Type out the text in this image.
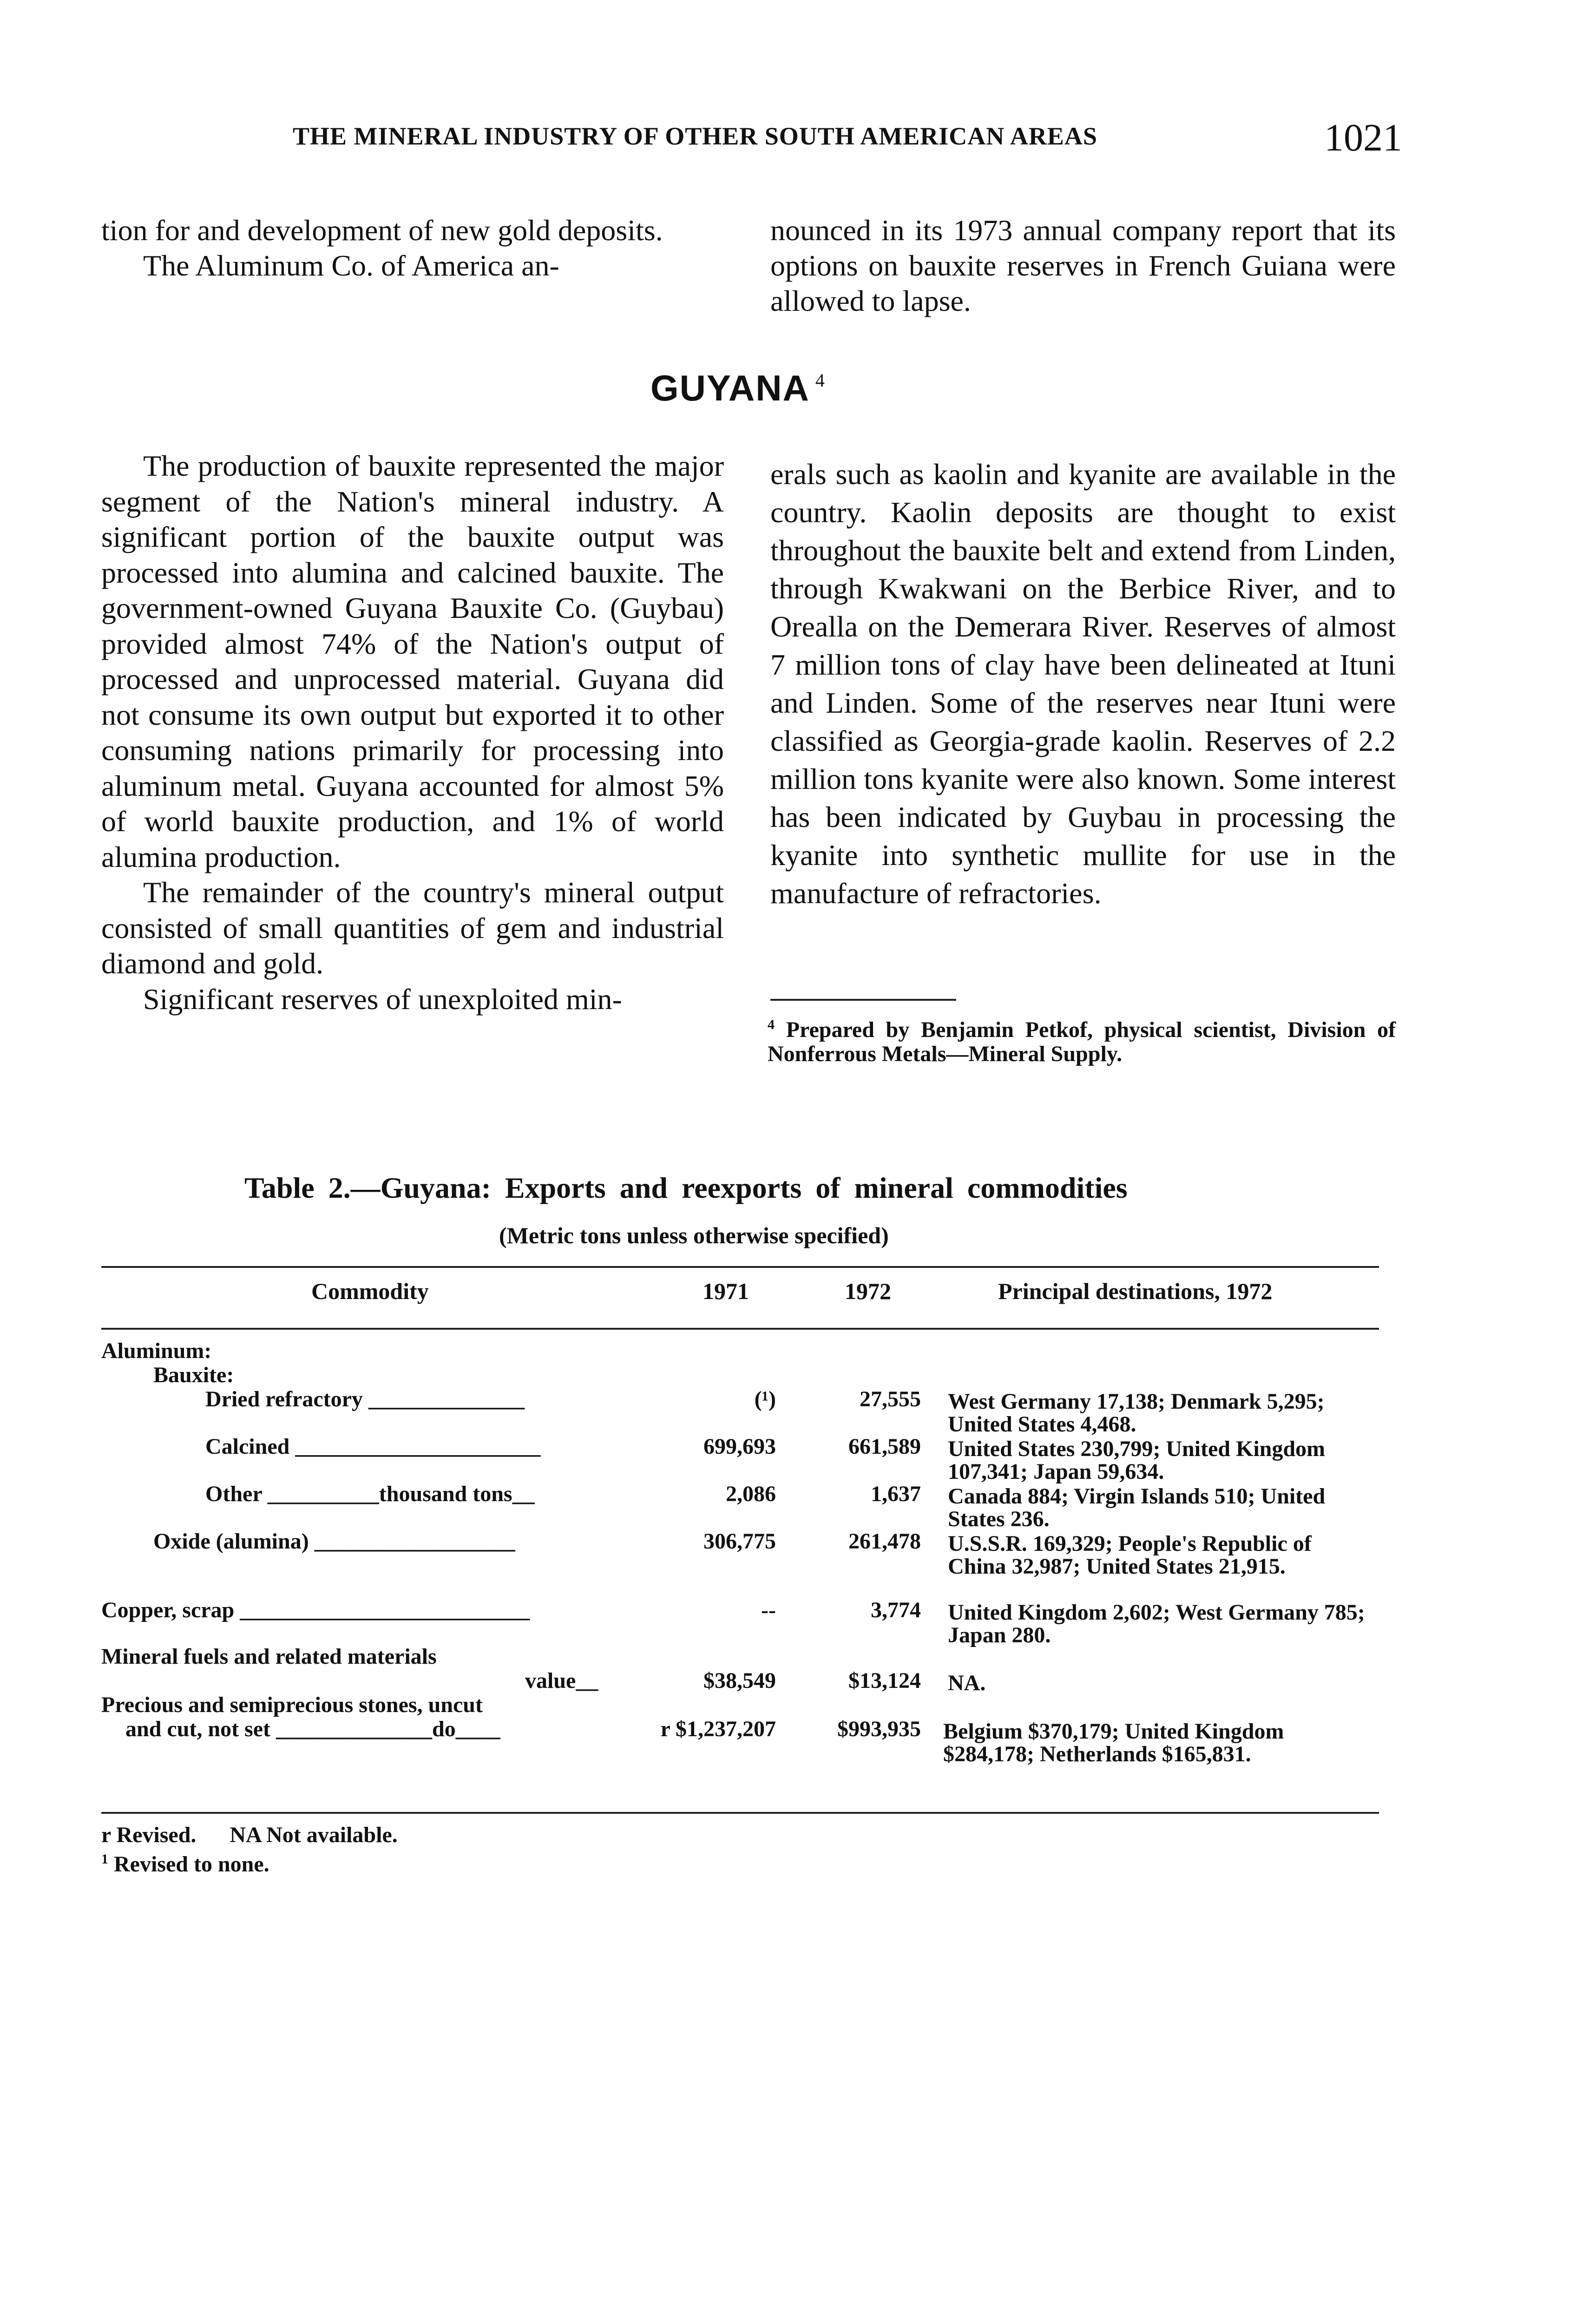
THE MINERAL INDUSTRY OF OTHER SOUTH AMERICAN AREAS	1021

tion for and development of new gold deposits.

The Aluminum Co. of America an-

nounced in its 1973 annual company report that its options on bauxite reserves in French Guiana were allowed to lapse.

GUYANA $^4$

The production of bauxite represented the major segment of the Nation's mineral industry. A significant portion of the bauxite output was processed into alumina and calcined bauxite. The government-owned Guyana Bauxite Co. (Guybau) provided almost 74% of the Nation's output of processed and unprocessed material. Guyana did not consume its own output but exported it to other consuming nations primarily for processing into aluminum metal. Guyana accounted for almost 5% of world bauxite production, and 1% of world alumina production.

The remainder of the country's mineral output consisted of small quantities of gem and industrial diamond and gold.

Significant reserves of unexploited min-

erals such as kaolin and kyanite are available in the country. Kaolin deposits are thought to exist throughout the bauxite belt and extend from Linden, through Kwakwani on the Berbice River, and to Orealla on the Demerara River. Reserves of almost 7 million tons of clay have been delineated at Ituni and Linden. Some of the reserves near Ituni were classified as Georgia-grade kaolin. Reserves of 2.2 million tons kyanite were also known. Some interest has been indicated by Guybau in processing the kyanite into synthetic mullite for use in the manufacture of refractories.

$^4$ Prepared by Benjamin Petkof, physical scientist, Division of Nonferrous Metals—Mineral Supply.
Table 2.—Guyana: Exports and reexports of mineral commodities
(Metric tons unless otherwise specified)
Commodity	1971	1972	Principal destinations, 1972
Aluminum:
Bauxite:
Dried refractory ______________	(¹)	27,555	West Germany 17,138; Denmark 5,295; United States 4,468.
Calcined ______________________	699,693	661,589 United States 230,799; United Kingdom 107,341; Japan 59,634.
Other __________thousand tons__	2,086	1,637 Canada 884; Virgin Islands 510; United States 236.
Oxide (alumina) __________________	306,775	261,478 U.S.S.R. 169,329; People's Republic of China 32,987; United States 21,915.
Copper, scrap __________________________	--	3,774 United Kingdom 2,602; West Germany 785; Japan 280.
Mineral fuels and related materials
value__	$38,549	$13,124 NA.
Precious and semiprecious stones, uncut
and cut, not set ______________do____	r $1,237,207	$993,935 Belgium $370,179; United Kingdom $284,178; Netherlands $165,831.
r Revised. NA Not available.
$^1$ Revised to none.
